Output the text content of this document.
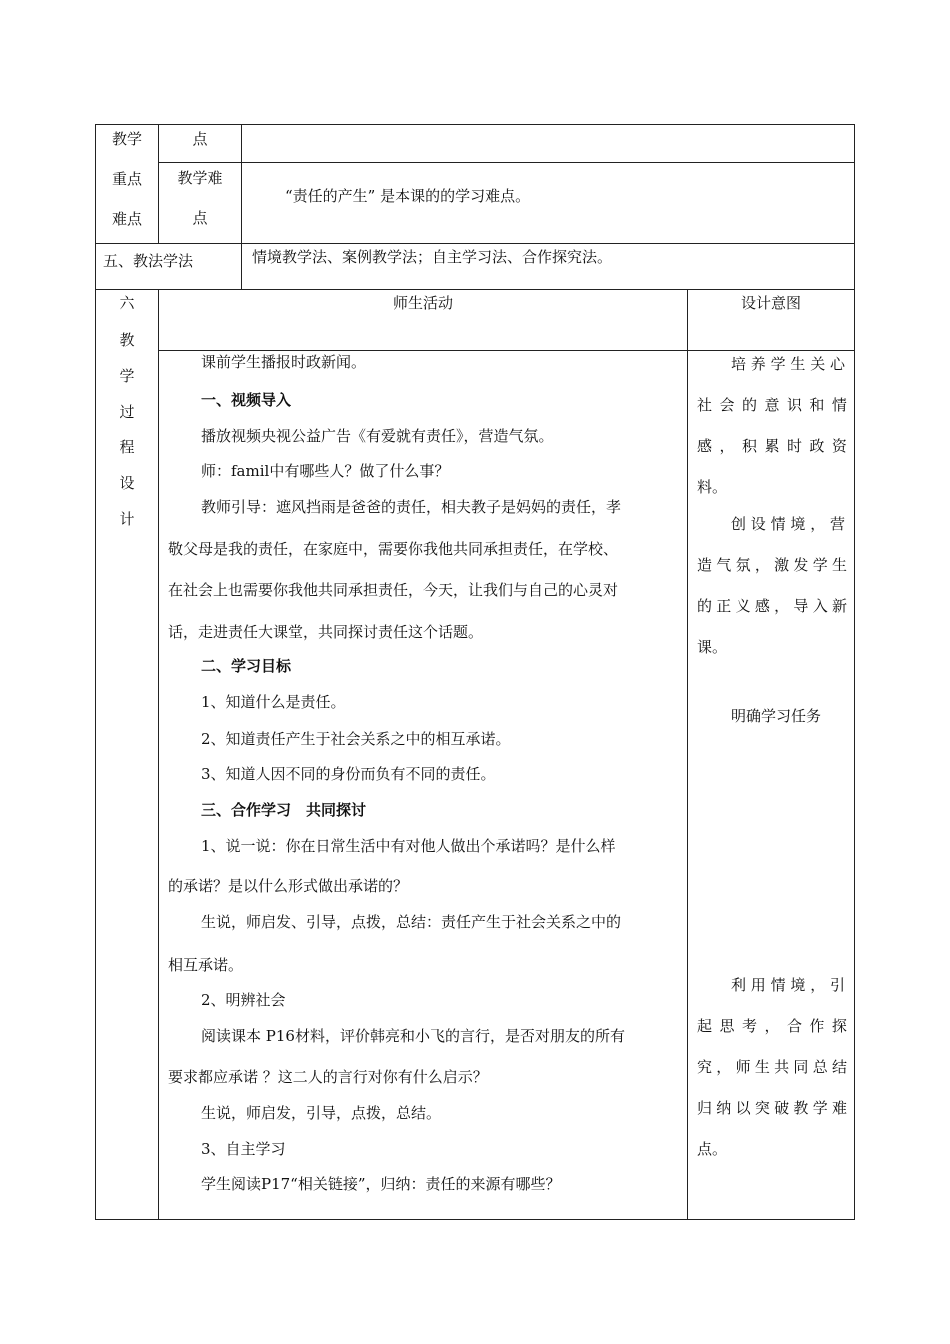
教学
重点
难点
点
教学难
点
“责任的产生” 是本课的的学习难点。
五、教法学法	情境教学法、案例教学法；自主学习法、合作探究法。
六
教
学
过
程
设
计
师生活动	设计意图
课前学生播报时政新闻。
一、视频导入
播放视频央视公益广告《有爱就有责任》，营造气氛。
师：famil中有哪些人？做了什么事？
教师引导：遮风挡雨是爸爸的责任，相夫教子是妈妈的责任，孝
敬父母是我的责任，在家庭中，需要你我他共同承担责任，在学校、
在社会上也需要你我他共同承担责任，今天，让我们与自己的心灵对
话，走进责任大课堂，共同探讨责任这个话题。
二、学习目标
1、知道什么是责任。
2、知道责任产生于社会关系之中的相互承诺。
3、知道人因不同的身份而负有不同的责任。
三、合作学习　共同探讨
1、说一说：你在日常生活中有对他人做出个承诺吗？是什么样
的承诺？是以什么形式做出承诺的？
生说，师启发、引导，点拨，总结：责任产生于社会关系之中的
相互承诺。
2、明辨社会
阅读课本 P16材料，评价韩亮和小飞的言行，是否对朋友的所有
要求都应承诺 ？这二人的言行对你有什么启示？
生说，师启发，引导，点拨，总结。
3、自主学习
学生阅读P17“相关链接”，归纳：责任的来源有哪些？
培 养 学 生 关 心
社 会 的 意 识 和 情
感 ， 积 累 时 政 资
料。
创 设 情 境 ， 营
造 气 氛 ， 激 发 学 生
的 正 义 感 ， 导 入 新
课。
明确学习任务
利 用 情 境 ， 引
起 思 考 ， 合 作 探
究 ， 师 生 共 同 总 结
归 纳 以 突 破 教 学 难
点。
